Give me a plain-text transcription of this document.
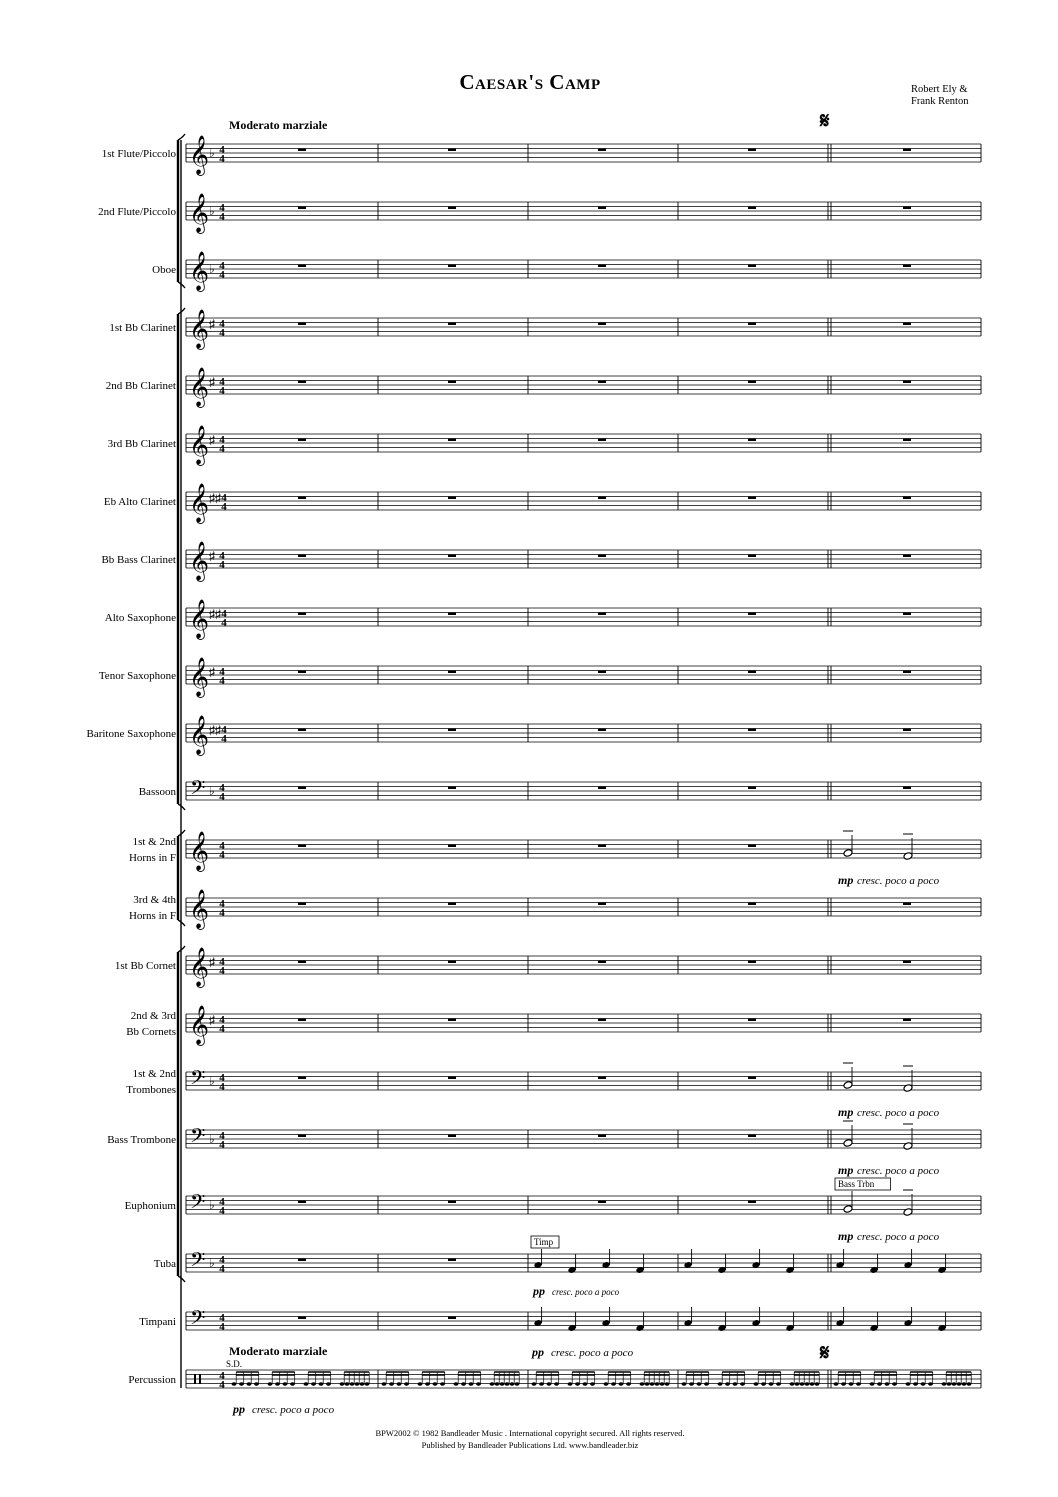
Caesar's Camp	Robert Ely &
Frank Renton
Moderato marziale	𝄋
Moderato marziale	𝄋
1st Flute/Piccolo 𝄞 ♭ 4
4
2nd Flute/Piccolo 𝄞 ♭ 4
4
Oboe 𝄞 ♭ 4
4
1st Bb Clarinet 𝄞 ♯ 4
4
2nd Bb Clarinet 𝄞 ♯ 4
4
3rd Bb Clarinet 𝄞 ♯ 4
4
Eb Alto Clarinet 𝄞 ♯♯ 4
4
Bb Bass Clarinet 𝄞 ♯ 4
4
Alto Saxophone 𝄞 ♯♯ 4
4
Tenor Saxophone 𝄞 ♯ 4
4
Baritone Saxophone 𝄞 ♯♯ 4
4
Bassoon 𝄢 ♭ 4
4
1st & 2nd
Horns in F 𝄞 4
4
mp cresc. poco a poco
3rd & 4th
Horns in F 𝄞 4
4
1st Bb Cornet 𝄞 ♯ 4
4
2nd & 3rd
Bb Cornets 𝄞 ♯ 4
4
1st & 2nd
Trombones 𝄢 ♭ 4
4
mp cresc. poco a poco
Bass Trombone 𝄢 ♭ 4
4
mp cresc. poco a poco
Euphonium 𝄢 ♭ 4
4
mp cresc. poco a poco
Bass Trbn
Tuba 𝄢 ♭ 4
4
pp cresc. poco a poco
Timp
Timpani 𝄢 4
4
pp cresc. poco a poco
Percussion	4
4
pp cresc. poco a poco
S.D.
BPW2002 © 1982 Bandleader Music . International copyright secured. All rights reserved.
Published by Bandleader Publications Ltd. www.bandleader.biz
